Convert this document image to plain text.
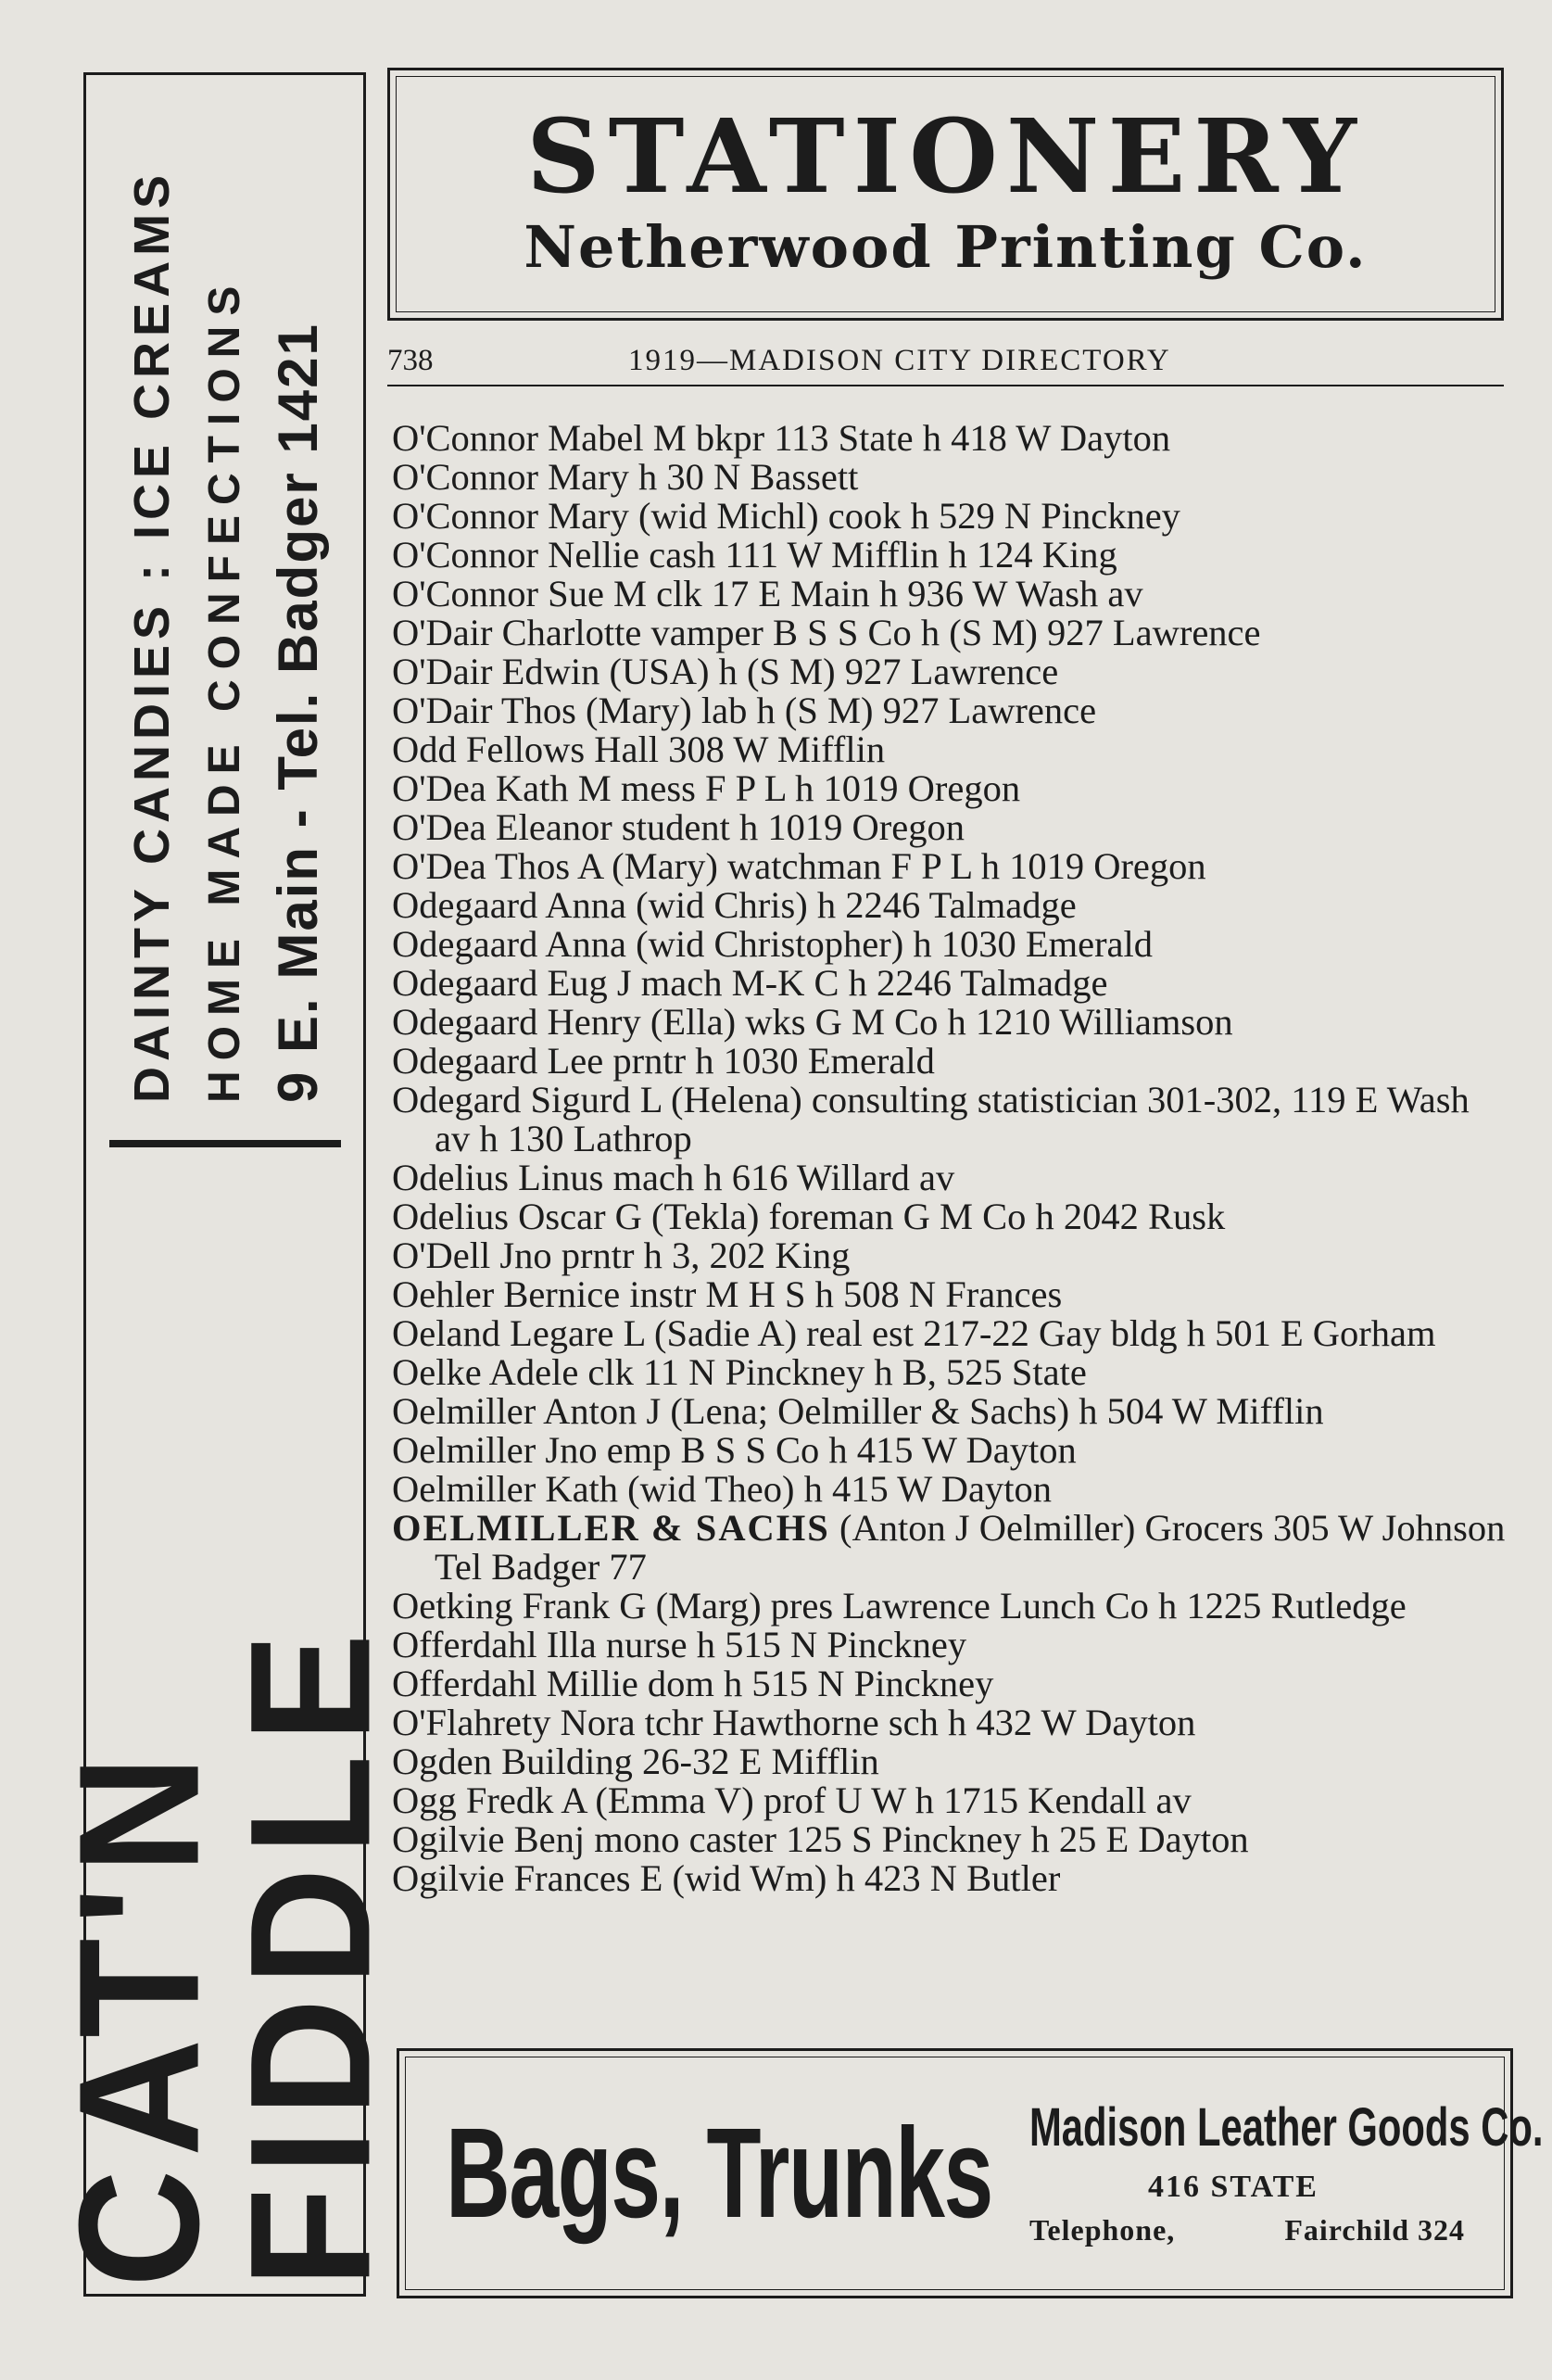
CAT'N FIDDLE
DAINTY CANDIES : ICE CREAMS HOME MADE CONFECTIONS 9 E. Main - Tel. Badger 1421
STATIONERY
Netherwood Printing Co.
738	1919—MADISON CITY DIRECTORY

O'Connor Mabel M bkpr 113 State h 418 W Dayton

O'Connor Mary h 30 N Bassett

O'Connor Mary (wid Michl) cook h 529 N Pinckney

O'Connor Nellie cash 111 W Mifflin h 124 King

O'Connor Sue M clk 17 E Main h 936 W Wash av

O'Dair Charlotte vamper B S S Co h (S M) 927 Lawrence

O'Dair Edwin (USA) h (S M) 927 Lawrence

O'Dair Thos (Mary) lab h (S M) 927 Lawrence

Odd Fellows Hall 308 W Mifflin

O'Dea Kath M mess F P L h 1019 Oregon

O'Dea Eleanor student h 1019 Oregon

O'Dea Thos A (Mary) watchman F P L h 1019 Oregon

Odegaard Anna (wid Chris) h 2246 Talmadge

Odegaard Anna (wid Christopher) h 1030 Emerald

Odegaard Eug J mach M-K C h 2246 Talmadge

Odegaard Henry (Ella) wks G M Co h 1210 Williamson

Odegaard Lee prntr h 1030 Emerald

Odegard Sigurd L (Helena) consulting statistician 301-302, 119 E Wash av h 130 Lathrop

Odelius Linus mach h 616 Willard av

Odelius Oscar G (Tekla) foreman G M Co h 2042 Rusk

O'Dell Jno prntr h 3, 202 King

Oehler Bernice instr M H S h 508 N Frances

Oeland Legare L (Sadie A) real est 217-22 Gay bldg h 501 E Gorham

Oelke Adele clk 11 N Pinckney h B, 525 State

Oelmiller Anton J (Lena; Oelmiller & Sachs) h 504 W Mifflin

Oelmiller Jno emp B S S Co h 415 W Dayton

Oelmiller Kath (wid Theo) h 415 W Dayton

OELMILLER & SACHS (Anton J Oelmiller) Grocers 305 W Johnson Tel Badger 77

Oetking Frank G (Marg) pres Lawrence Lunch Co h 1225 Rutledge

Offerdahl Illa nurse h 515 N Pinckney

Offerdahl Millie dom h 515 N Pinckney

O'Flahrety Nora tchr Hawthorne sch h 432 W Dayton

Ogden Building 26-32 E Mifflin

Ogg Fredk A (Emma V) prof U W h 1715 Kendall av

Ogilvie Benj mono caster 125 S Pinckney h 25 E Dayton

Ogilvie Frances E (wid Wm) h 423 N Butler

Bags, Trunks Madison Leather Goods Co.
416 STATE
Telephone,	Fairchild 324
